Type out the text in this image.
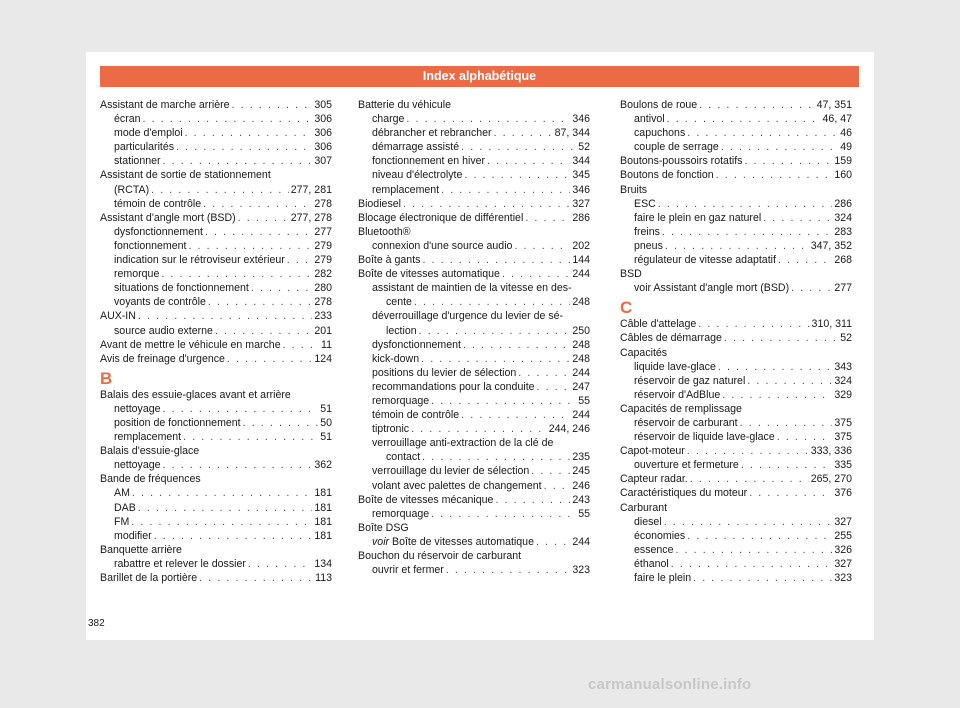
Index alphabétique
Assistant de marche arrière . . .	305
écran . . .	306
mode d'emploi . . .	306
particularités . . .	306
stationner . . .	307
Assistant de sortie de stationnement
(RCTA) . . .	277, 281
témoin de contrôle . . .	278
Assistant d'angle mort (BSD) . . .	277, 278
dysfonctionnement . . .	277
fonctionnement . . .	279
indication sur le rétroviseur extérieur . . .	279
remorque . . .	282
situations de fonctionnement . . .	280
voyants de contrôle . . .	278
AUX-IN . . .	233
source audio externe . . .	201
Avant de mettre le véhicule en marche . . .	11
Avis de freinage d'urgence . . .	124
B
Balais des essuie-glaces avant et arrière
nettoyage . . .	51
position de fonctionnement . . .	50
remplacement . . .	51
Balais d'essuie-glace
nettoyage . . .	362
Bande de fréquences
AM . . .	181
DAB . . .	181
FM . . .	181
modifier . . .	181
Banquette arrière
rabattre et relever le dossier . . .	134
Barillet de la portière . . .	113
Batterie du véhicule
charge . . .	346
débrancher et rebrancher . . .	87, 344
démarrage assisté . . .	52
fonctionnement en hiver . . .	344
niveau d'électrolyte . . .	345
remplacement . . .	346
Biodiesel . . .	327
Blocage électronique de différentiel . . .	286
Bluetooth®
connexion d'une source audio . . .	202
Boîte à gants . . .	144
Boîte de vitesses automatique . . .	244
assistant de maintien de la vitesse en des-
cente . . .	248
déverrouillage d'urgence du levier de sé-
lection . . .	250
dysfonctionnement . . .	248
kick-down . . .	248
positions du levier de sélection . . .	244
recommandations pour la conduite . . .	247
remorquage . . .	55
témoin de contrôle . . .	244
tiptronic . . .	244, 246
verrouillage anti-extraction de la clé de
contact . . .	235
verrouillage du levier de sélection . . .	245
volant avec palettes de changement . . .	246
Boîte de vitesses mécanique . . .	243
remorquage . . .	55
Boîte DSG
voir Boîte de vitesses automatique . . .	244
Bouchon du réservoir de carburant
ouvrir et fermer . . .	323
Boulons de roue . . .	47, 351
antivol . . .	46, 47
capuchons . . .	46
couple de serrage . . .	49
Boutons-poussoirs rotatifs . . .	159
Boutons de fonction . . .	160
Bruits
ESC . . .	286
faire le plein en gaz naturel . . .	324
freins . . .	283
pneus . . .	347, 352
régulateur de vitesse adaptatif . . .	268
BSD
voir Assistant d'angle mort (BSD) . . .	277
C
Câble d'attelage . . .	310, 311
Câbles de démarrage . . .	52
Capacités
liquide lave-glace . . .	343
réservoir de gaz naturel . . .	324
réservoir d'AdBlue . . .	329
Capacités de remplissage
réservoir de carburant . . .	375
réservoir de liquide lave-glace . . .	375
Capot-moteur . . .	333, 336
ouverture et fermeture . . .	335
Capteur radar. . . .	265, 270
Caractéristiques du moteur . . .	376
Carburant
diesel . . .	327
économies . . .	255
essence . . .	326
éthanol . . .	327
faire le plein . . .	323
382
carmanualsonline.info
